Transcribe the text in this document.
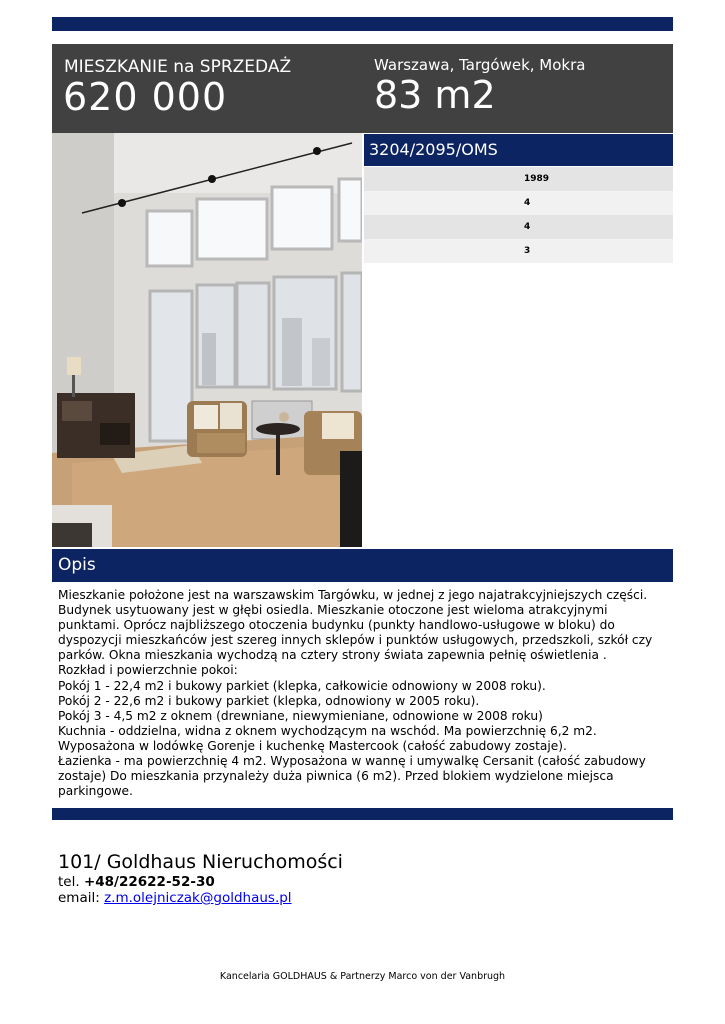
MIESZKANIE na SPRZEDAŻ
620 000
Warszawa, Targówek, Mokra
83 m2
3204/2095/OMS
1989
4
4
3
Opis
Mieszkanie położone jest na warszawskim Targówku, w jednej z jego najatrakcyjniejszych części.
Budynek usytuowany jest w głębi osiedla. Mieszkanie otoczone jest wieloma atrakcyjnymi
punktami. Oprócz najbliższego otoczenia budynku (punkty handlowo-usługowe w bloku) do
dyspozycji mieszkańców jest szereg innych sklepów i punktów usługowych, przedszkoli, szkół czy
parków. Okna mieszkania wychodzą na cztery strony świata zapewnia pełnię oświetlenia .
Rozkład i powierzchnie pokoi:
Pokój 1 - 22,4 m2 i bukowy parkiet (klepka, całkowicie odnowiony w 2008 roku).
Pokój 2 - 22,6 m2 i bukowy parkiet (klepka, odnowiony w 2005 roku).
Pokój 3 - 4,5 m2 z oknem (drewniane, niewymieniane, odnowione w 2008 roku)
Kuchnia - oddzielna, widna z oknem wychodzącym na wschód. Ma powierzchnię 6,2 m2.
Wyposażona w lodówkę Gorenje i kuchenkę Mastercook (całość zabudowy zostaje).
Łazienka - ma powierzchnię 4 m2. Wyposażona w wannę i umywalkę Cersanit (całość zabudowy
zostaje) Do mieszkania przynależy duża piwnica (6 m2). Przed blokiem wydzielone miejsca
parkingowe.
101/ Goldhaus Nieruchomości
tel. +48/22622-52-30
email: z.m.olejniczak@goldhaus.pl
Kancelaria GOLDHAUS & Partnerzy Marco von der Vanbrugh
